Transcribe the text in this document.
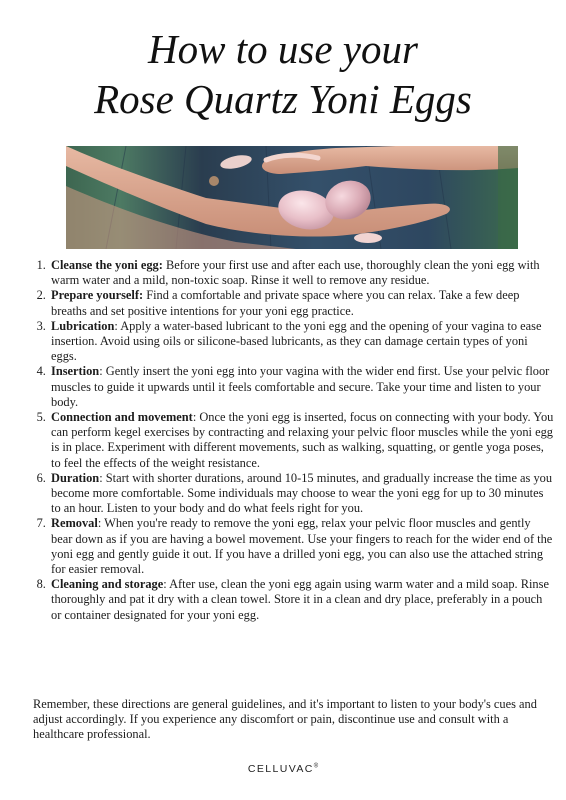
How to use your
Rose Quartz Yoni Eggs
1. Cleanse the yoni egg: Before your first use and after each use, thoroughly clean the yoni egg with warm water and a mild, non-toxic soap. Rinse it well to remove any residue.
2. Prepare yourself: Find a comfortable and private space where you can relax. Take a few deep breaths and set positive intentions for your yoni egg practice.
3. Lubrication: Apply a water-based lubricant to the yoni egg and the opening of your vagina to ease insertion. Avoid using oils or silicone-based lubricants, as they can damage certain types of yoni eggs.
4. Insertion: Gently insert the yoni egg into your vagina with the wider end first. Use your pelvic floor muscles to guide it upwards until it feels comfortable and secure. Take your time and listen to your body.
5. Connection and movement: Once the yoni egg is inserted, focus on connecting with your body. You can perform kegel exercises by contracting and relaxing your pelvic floor muscles while the yoni egg is in place. Experiment with different movements, such as walking, squatting, or gentle yoga poses, to feel the effects of the weight resistance.
6. Duration: Start with shorter durations, around 10-15 minutes, and gradually increase the time as you become more comfortable. Some individuals may choose to wear the yoni egg for up to 30 minutes to an hour. Listen to your body and do what feels right for you.
7. Removal: When you're ready to remove the yoni egg, relax your pelvic floor muscles and gently bear down as if you are having a bowel movement. Use your fingers to reach for the wider end of the yoni egg and gently guide it out. If you have a drilled yoni egg, you can also use the attached string for easier removal.
8. Cleaning and storage: After use, clean the yoni egg again using warm water and a mild soap. Rinse thoroughly and pat it dry with a clean towel. Store it in a clean and dry place, preferably in a pouch or container designated for your yoni egg.

Remember, these directions are general guidelines, and it's important to listen to your body's cues and adjust accordingly. If you experience any discomfort or pain, discontinue use and consult with a healthcare professional.

CELLUVAC®
